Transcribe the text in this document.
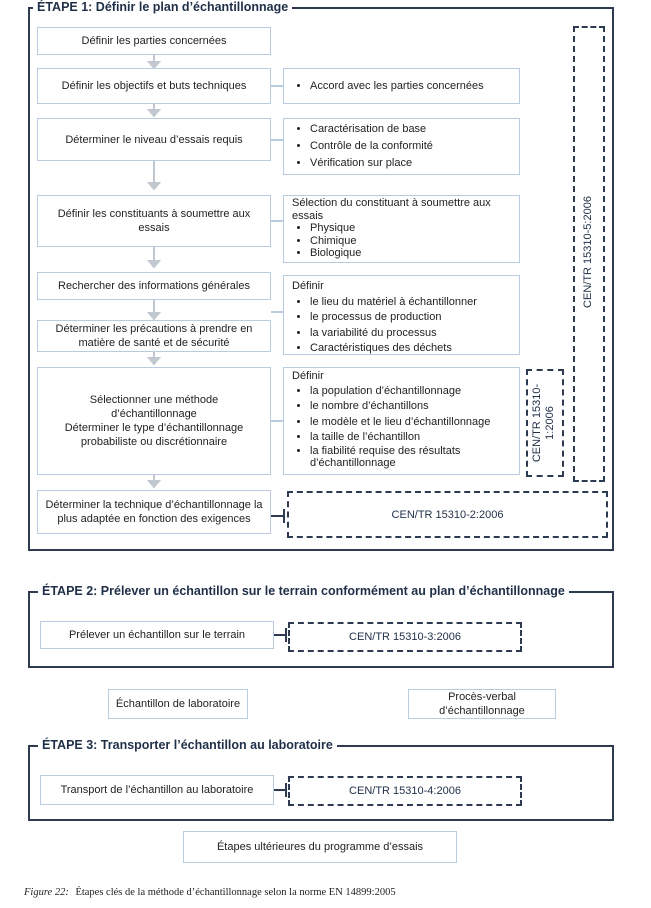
ÉTAPE 1: Définir le plan d’échantillonnage
Définir les parties concernées
Définir les objectifs et buts techniques
Déterminer le niveau d’essais requis
Définir les constituants à soumettre aux essais
Rechercher des informations générales
Déterminer les précautions à prendre en matière de santé et de sécurité
Sélectionner une méthode d’échantillonnage
Déterminer le type d’échantillonnage probabiliste ou discrétionnaire
Déterminer la technique d’échantillonnage la plus adaptée en fonction des exigences
• Accord avec les parties concernées
• Caractérisation de base
• Contrôle de la conformité
• Vérification sur place
Sélection du constituant à soumettre aux essais
• Physique
• Chimique
• Biologique
Définir
• le lieu du matériel à échantillonner
• le processus de production
• la variabilité du processus
• Caractéristiques des déchets
Définir
• la population d’échantillonnage
• le nombre d’échantillons
• le modèle et le lieu d’échantillonnage
• la taille de l’échantillon
• la fiabilité requise des résultats d’échantillonnage
CEN/TR 15310-5:2006
CEN/TR 15310-1:2006
CEN/TR 15310-2:2006
ÉTAPE 2: Prélever un échantillon sur le terrain conformément au plan d’échantillonnage
Prélever un échantillon sur le terrain	CEN/TR 15310-3:2006
Échantillon de laboratoire
Procès-verbal d’échantillonnage
ÉTAPE 3: Transporter l’échantillon au laboratoire
Transport de l’échantillon au laboratoire	CEN/TR 15310-4:2006
Étapes ultérieures du programme d’essais
Figure 22: Étapes clés de la méthode d’échantillonnage selon la norme EN 14899:2005
